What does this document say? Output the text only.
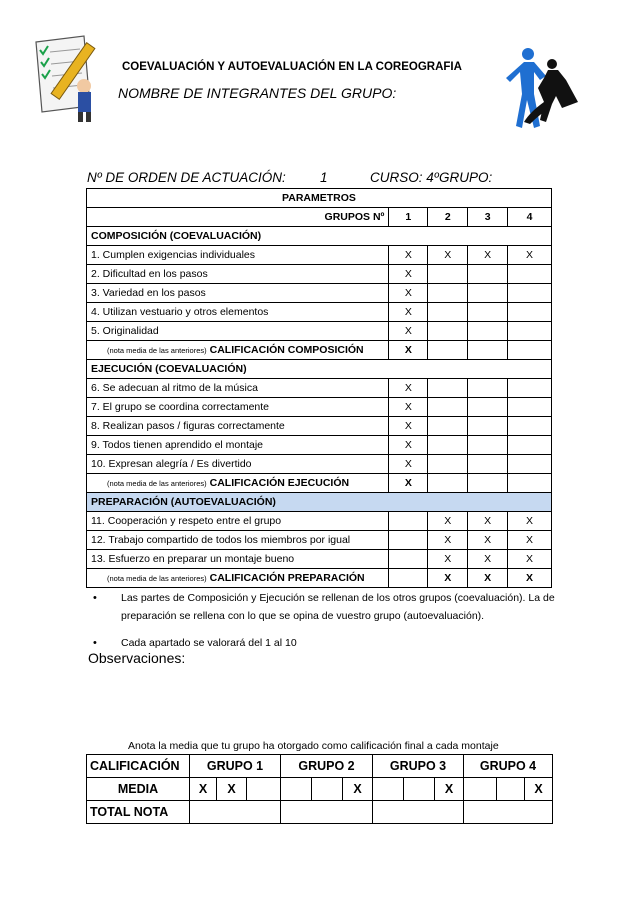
COEVALUACIÓN Y AUTOEVALUACIÓN EN LA COREOGRAFIA
NOMBRE DE INTEGRANTES DEL GRUPO:
Nº DE ORDEN DE ACTUACIÓN:	1	CURSO: 4º GRUPO:
PARAMETROS				
GRUPOS Nº	1	2	3	4
COMPOSICIÓN (COEVALUACIÓN)				
1. Cumplen exigencias individuales	X	X	X	X
2. Dificultad en los pasos	X			
3. Variedad en los pasos	X			
4. Utilizan vestuario y otros elementos	X			
5. Originalidad	X			
(nota media de las anteriores) CALIFICACIÓN COMPOSICIÓN	X			
EJECUCIÓN (COEVALUACIÓN)				
6. Se adecuan al ritmo de la música	X			
7. El grupo se coordina correctamente	X			
8. Realizan pasos / figuras correctamente	X			
9. Todos tienen aprendido el montaje	X			
10. Expresan alegría / Es divertido	X			
(nota media de las anteriores) CALIFICACIÓN EJECUCIÓN	X			
PREPARACIÓN (AUTOEVALUACIÓN)				
11. Cooperación y respeto entre el grupo		X	X	X
12. Trabajo compartido de todos los miembros por igual		X	X	X
13. Esfuerzo en preparar un montaje bueno		X	X	X
(nota media de las anteriores) CALIFICACIÓN PREPARACIÓN		X	X	X
• Las partes de Composición y Ejecución se rellenan de los otros grupos (coevaluación). La de preparación se rellena con lo que se opina de vuestro grupo (autoevaluación).
• Cada apartado se valorará del 1 al 10
Observaciones:
Anota la media que tu grupo ha otorgado como calificación final a cada montaje
CALIFICACIÓN	GRUPO 1			GRUPO 2			GRUPO 3			GRUPO 4		
MEDIA	X	X				X			X			X
TOTAL NOTA												
